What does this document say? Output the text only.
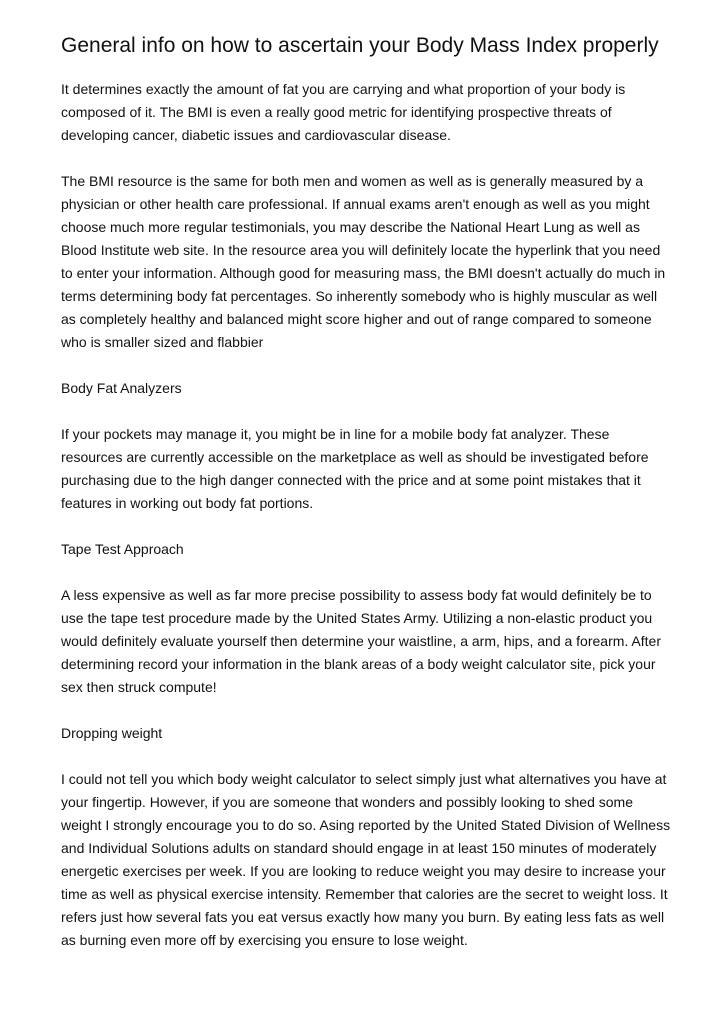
General info on how to ascertain your Body Mass Index properly

It determines exactly the amount of fat you are carrying and what proportion of your body is composed of it. The BMI is even a really good metric for identifying prospective threats of developing cancer, diabetic issues and cardiovascular disease.

The BMI resource is the same for both men and women as well as is generally measured by a physician or other health care professional. If annual exams aren't enough as well as you might choose much more regular testimonials, you may describe the National Heart Lung as well as Blood Institute web site. In the resource area you will definitely locate the hyperlink that you need to enter your information. Although good for measuring mass, the BMI doesn't actually do much in terms determining body fat percentages. So inherently somebody who is highly muscular as well as completely healthy and balanced might score higher and out of range compared to someone who is smaller sized and flabbier

Body Fat Analyzers

If your pockets may manage it, you might be in line for a mobile body fat analyzer. These resources are currently accessible on the marketplace as well as should be investigated before purchasing due to the high danger connected with the price and at some point mistakes that it features in working out body fat portions.

Tape Test Approach

A less expensive as well as far more precise possibility to assess body fat would definitely be to use the tape test procedure made by the United States Army. Utilizing a non-elastic product you would definitely evaluate yourself then determine your waistline, a arm, hips, and a forearm. After determining record your information in the blank areas of a body weight calculator site, pick your sex then struck compute!

Dropping weight

I could not tell you which body weight calculator to select simply just what alternatives you have at your fingertip. However, if you are someone that wonders and possibly looking to shed some weight I strongly encourage you to do so. Asing reported by the United Stated Division of Wellness and Individual Solutions adults on standard should engage in at least 150 minutes of moderately energetic exercises per week. If you are looking to reduce weight you may desire to increase your time as well as physical exercise intensity. Remember that calories are the secret to weight loss. It refers just how several fats you eat versus exactly how many you burn. By eating less fats as well as burning even more off by exercising you ensure to lose weight.
